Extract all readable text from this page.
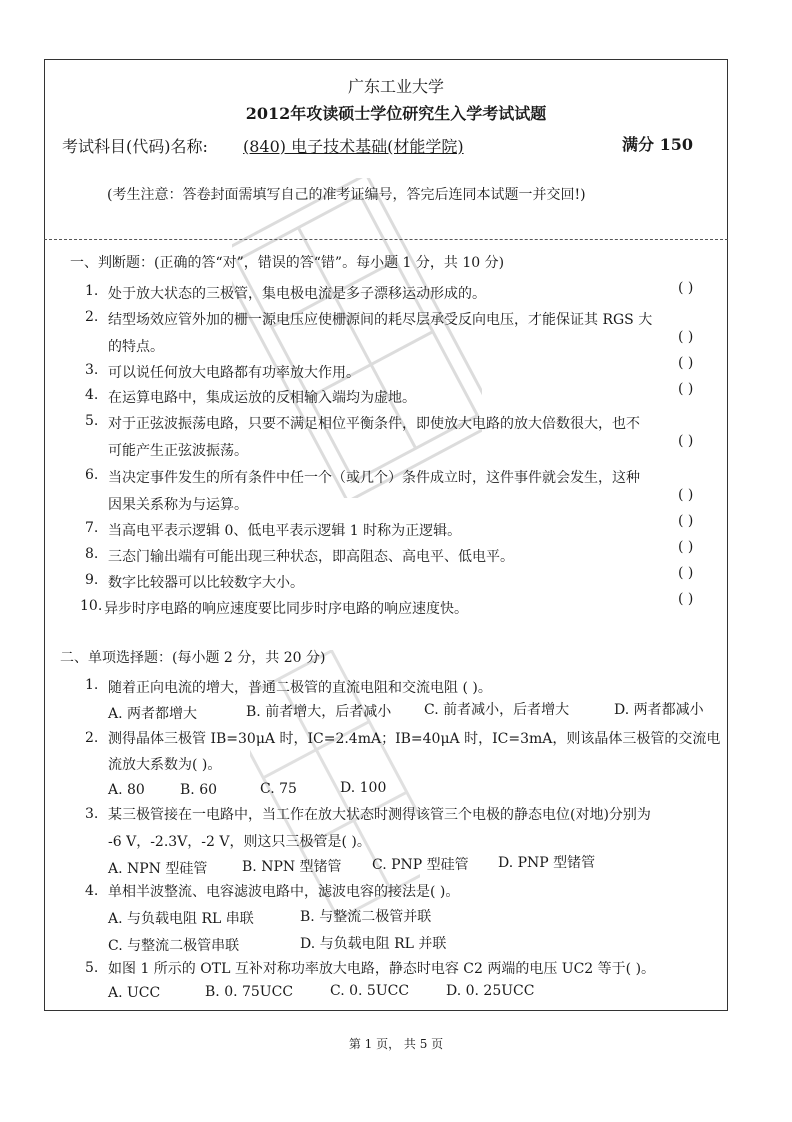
广东工业大学
2012年攻读硕士学位研究生入学考试试题
考试科目(代码)名称: (840) 电子技术基础(材能学院)	满分 150
(考生注意：答卷封面需填写自己的准考证编号，答完后连同本试题一并交回!)
一、判断题：(正确的答“对”，错误的答“错”。每小题 1 分，共 10 分)
1. 处于放大状态的三极管，集电极电流是多子漂移运动形成的。	( )
2. 结型场效应管外加的栅一源电压应使栅源间的耗尽层承受反向电压，才能保证其 RGS 大
的特点。
( )
3. 可以说任何放大电路都有功率放大作用。
( )
4. 在运算电路中，集成运放的反相输入端均为虚地。
( )
5. 对于正弦波振荡电路，只要不满足相位平衡条件，即使放大电路的放大倍数很大，也不
可能产生正弦波振荡。
( )
6. 当决定事件发生的所有条件中任一个（或几个）条件成立时，这件事件就会发生，这种
因果关系称为与运算。
( )
7. 当高电平表示逻辑 0、低电平表示逻辑 1 时称为正逻辑。
( )
8. 三态门输出端有可能出现三种状态，即高阻态、高电平、低电平。
( )
9. 数字比较器可以比较数字大小。
( )
10. 异步时序电路的响应速度要比同步时序电路的响应速度快。
( )
二、单项选择题：(每小题 2 分，共 20 分)
1. 随着正向电流的增大，普通二极管的直流电阻和交流电阻 ( )。
A. 两者都增大	B. 前者增大，后者减小 C. 前者减小，后者增大	D. 两者都减小
2. 测得晶体三极管 IB=30μA 时，IC=2.4mA；IB=40μA 时，IC=3mA，则该晶体三极管的交流电
流放大系数为( )。
A. 80	B. 60	C. 75	D. 100
3. 某三极管接在一电路中，当工作在放大状态时测得该管三个电极的静态电位(对地)分别为
-6 V，-2.3V，-2 V，则这只三极管是( )。
A. NPN 型硅管 B. NPN 型锗管 C. PNP 型硅管 D. PNP 型锗管
4. 单相半波整流、电容滤波电路中，滤波电容的接法是( )。
A. 与负载电阻 RL 串联	B. 与整流二极管并联
C. 与整流二极管串联	D. 与负载电阻 RL 并联
5. 如图 1 所示的 OTL 互补对称功率放大电路，静态时电容 C2 两端的电压 UC2 等于( )。
A. UCC	B. 0. 75UCC	C. 0. 5UCC	D. 0. 25UCC
第 1 页， 共 5 页
